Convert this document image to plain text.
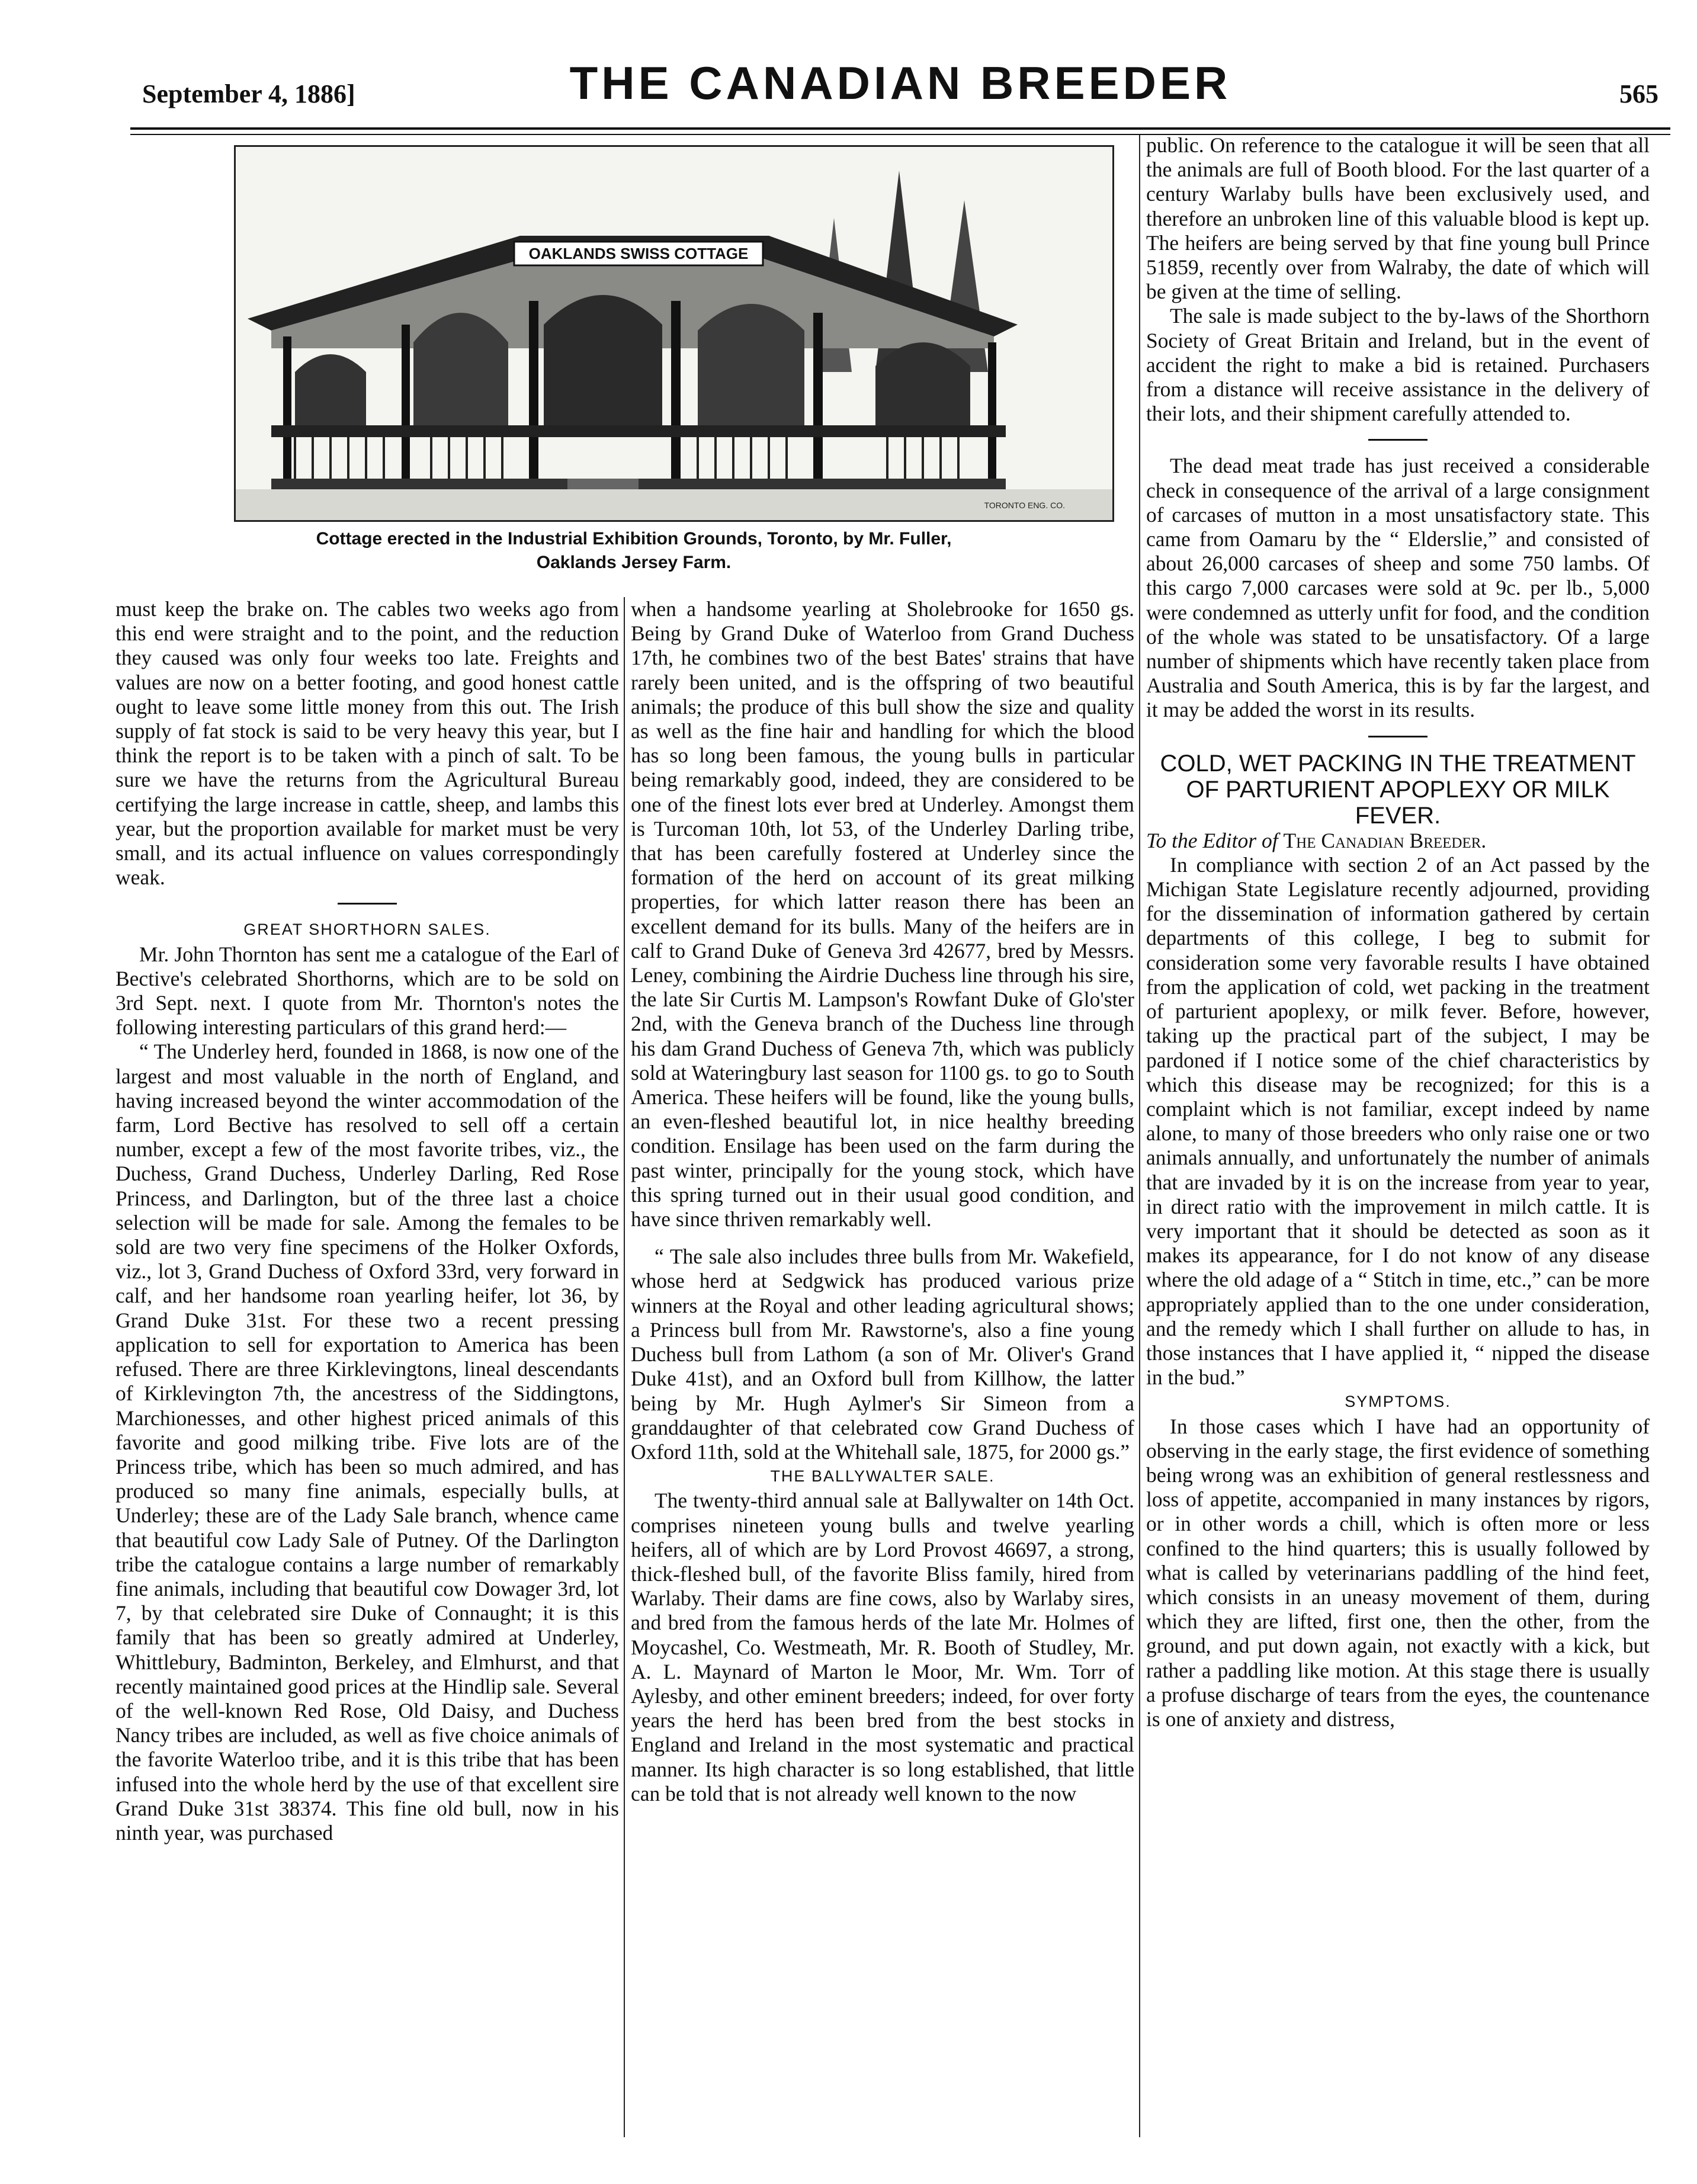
September 4, 1886]	THE CANADIAN BREEDER	565
OAKLANDS SWISS COTTAGE
TORONTO ENG. CO.
Cottage erected in the Industrial Exhibition Grounds, Toronto, by Mr. Fuller,
Oaklands Jersey Farm.

must keep the brake on. The cables two weeks ago from this end were straight and to the point, and the reduction they caused was only four weeks too late. Freights and values are now on a better footing, and good honest cattle ought to leave some little money from this out. The Irish supply of fat stock is said to be very heavy this year, but I think the report is to be taken with a pinch of salt. To be sure we have the returns from the Agricultural Bureau certifying the large increase in cattle, sheep, and lambs this year, but the proportion available for market must be very small, and its actual influence on values correspondingly weak.

GREAT SHORTHORN SALES.

Mr. John Thornton has sent me a catalogue of the Earl of Bective's celebrated Shorthorns, which are to be sold on 3rd Sept. next. I quote from Mr. Thornton's notes the following interesting particulars of this grand herd:—

“ The Underley herd, founded in 1868, is now one of the largest and most valuable in the north of England, and having increased beyond the winter accommodation of the farm, Lord Bective has resolved to sell off a certain number, except a few of the most favorite tribes, viz., the Duchess, Grand Duchess, Underley Darling, Red Rose Princess, and Darlington, but of the three last a choice selection will be made for sale. Among the females to be sold are two very fine specimens of the Holker Oxfords, viz., lot 3, Grand Duchess of Oxford 33rd, very forward in calf, and her handsome roan yearling heifer, lot 36, by Grand Duke 31st. For these two a recent pressing application to sell for exportation to America has been refused. There are three Kirklevingtons, lineal descendants of Kirklevington 7th, the ancestress of the Siddingtons, Marchionesses, and other highest priced animals of this favorite and good milking tribe. Five lots are of the Princess tribe, which has been so much admired, and has produced so many fine animals, especially bulls, at Underley; these are of the Lady Sale branch, whence came that beautiful cow Lady Sale of Putney. Of the Darlington tribe the catalogue contains a large number of remarkably fine animals, including that beautiful cow Dowager 3rd, lot 7, by that celebrated sire Duke of Connaught; it is this family that has been so greatly admired at Underley, Whittlebury, Badminton, Berkeley, and Elmhurst, and that recently maintained good prices at the Hindlip sale. Several of the well-known Red Rose, Old Daisy, and Duchess Nancy tribes are included, as well as five choice animals of the favorite Waterloo tribe, and it is this tribe that has been infused into the whole herd by the use of that excellent sire Grand Duke 31st 38374. This fine old bull, now in his ninth year, was purchased

when a handsome yearling at Sholebrooke for 1650 gs. Being by Grand Duke of Waterloo from Grand Duchess 17th, he combines two of the best Bates' strains that have rarely been united, and is the offspring of two beautiful animals; the produce of this bull show the size and quality as well as the fine hair and handling for which the blood has so long been famous, the young bulls in particular being remarkably good, indeed, they are considered to be one of the finest lots ever bred at Underley. Amongst them is Turcoman 10th, lot 53, of the Underley Darling tribe, that has been carefully fostered at Underley since the formation of the herd on account of its great milking properties, for which latter reason there has been an excellent demand for its bulls. Many of the heifers are in calf to Grand Duke of Geneva 3rd 42677, bred by Messrs. Leney, combining the Airdrie Duchess line through his sire, the late Sir Curtis M. Lampson's Rowfant Duke of Glo'ster 2nd, with the Geneva branch of the Duchess line through his dam Grand Duchess of Geneva 7th, which was publicly sold at Wateringbury last season for 1100 gs. to go to South America. These heifers will be found, like the young bulls, an even-fleshed beautiful lot, in nice healthy breeding condition. Ensilage has been used on the farm during the past winter, principally for the young stock, which have this spring turned out in their usual good condition, and have since thriven remarkably well.

“ The sale also includes three bulls from Mr. Wakefield, whose herd at Sedgwick has produced various prize winners at the Royal and other leading agricultural shows; a Princess bull from Mr. Rawstorne's, also a fine young Duchess bull from Lathom (a son of Mr. Oliver's Grand Duke 41st), and an Oxford bull from Killhow, the latter being by Mr. Hugh Aylmer's Sir Simeon from a granddaughter of that celebrated cow Grand Duchess of Oxford 11th, sold at the Whitehall sale, 1875, for 2000 gs.”

THE BALLYWALTER SALE.

The twenty-third annual sale at Ballywalter on 14th Oct. comprises nineteen young bulls and twelve yearling heifers, all of which are by Lord Provost 46697, a strong, thick-fleshed bull, of the favorite Bliss family, hired from Warlaby. Their dams are fine cows, also by Warlaby sires, and bred from the famous herds of the late Mr. Holmes of Moycashel, Co. Westmeath, Mr. R. Booth of Studley, Mr. A. L. Maynard of Marton le Moor, Mr. Wm. Torr of Aylesby, and other eminent breeders; indeed, for over forty years the herd has been bred from the best stocks in England and Ireland in the most systematic and practical manner. Its high character is so long established, that little can be told that is not already well known to the now

public. On reference to the catalogue it will be seen that all the animals are full of Booth blood. For the last quarter of a century Warlaby bulls have been exclusively used, and therefore an unbroken line of this valuable blood is kept up. The heifers are being served by that fine young bull Prince 51859, recently over from Walraby, the date of which will be given at the time of selling.

The sale is made subject to the by-laws of the Shorthorn Society of Great Britain and Ireland, but in the event of accident the right to make a bid is retained. Purchasers from a distance will receive assistance in the delivery of their lots, and their shipment carefully attended to.

The dead meat trade has just received a considerable check in consequence of the arrival of a large consignment of carcases of mutton in a most unsatisfactory state. This came from Oamaru by the “ Elderslie,” and consisted of about 26,000 carcases of sheep and some 750 lambs. Of this cargo 7,000 carcases were sold at 9c. per lb., 5,000 were condemned as utterly unfit for food, and the condition of the whole was stated to be unsatisfactory. Of a large number of shipments which have recently taken place from Australia and South America, this is by far the largest, and it may be added the worst in its results.

COLD, WET PACKING IN THE TREATMENT OF PARTURIENT APOPLEXY OR MILK FEVER.

To the Editor of The Canadian Breeder.

In compliance with section 2 of an Act passed by the Michigan State Legislature recently adjourned, providing for the dissemination of information gathered by certain departments of this college, I beg to submit for consideration some very favorable results I have obtained from the application of cold, wet packing in the treatment of parturient apoplexy, or milk fever. Before, however, taking up the practical part of the subject, I may be pardoned if I notice some of the chief characteristics by which this disease may be recognized; for this is a complaint which is not familiar, except indeed by name alone, to many of those breeders who only raise one or two animals annually, and unfortunately the number of animals that are invaded by it is on the increase from year to year, in direct ratio with the improvement in milch cattle. It is very important that it should be detected as soon as it makes its appearance, for I do not know of any disease where the old adage of a “ Stitch in time, etc.,” can be more appropriately applied than to the one under consideration, and the remedy which I shall further on allude to has, in those instances that I have applied it, “ nipped the disease in the bud.”

SYMPTOMS.

In those cases which I have had an opportunity of observing in the early stage, the first evidence of something being wrong was an exhibition of general restlessness and loss of appetite, accompanied in many instances by rigors, or in other words a chill, which is often more or less confined to the hind quarters; this is usually followed by what is called by veterinarians paddling of the hind feet, which consists in an uneasy movement of them, during which they are lifted, first one, then the other, from the ground, and put down again, not exactly with a kick, but rather a paddling like motion. At this stage there is usually a profuse discharge of tears from the eyes, the countenance is one of anxiety and distress,
